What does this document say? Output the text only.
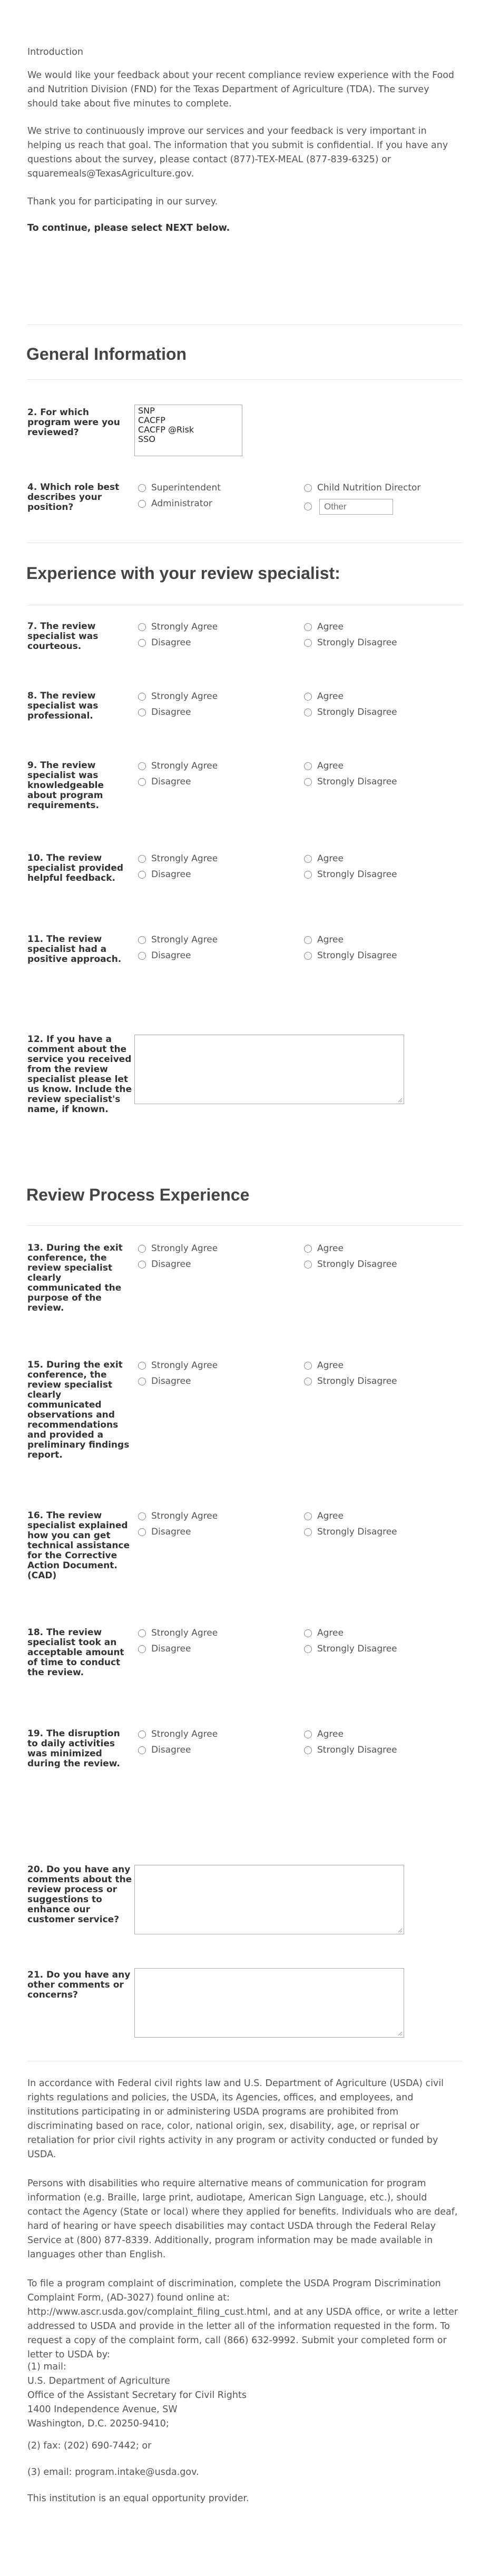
Introduction

We would like your feedback about your recent compliance review experience with the Food and Nutrition Division (FND) for the Texas Department of Agriculture (TDA). The survey should take about five minutes to complete.

We strive to continuously improve our services and your feedback is very important in helping us reach that goal. The information that you submit is confidential. If you have any questions about the survey, please contact (877)-TEX-MEAL (877-839-6325) or squaremeals@TexasAgriculture.gov.

Thank you for participating in our survey.

To continue, please select NEXT below.

General Information

2. For which program were you reviewed?

SNP
CACFP
CACFP @Risk
SSO

4. Which role best describes your position?

Superintendent	Child Nutrition Director
Administrator
Other
Experience with your review specialist:

7. The review specialist was courteous.

Strongly Agree	Agree
Disagree	Strongly Disagree

8. The review specialist was professional.

Strongly Agree	Agree
Disagree	Strongly Disagree

9. The review specialist was knowledgeable about program requirements.

Strongly Agree	Agree
Disagree	Strongly Disagree

10. The review specialist provided helpful feedback.

Strongly Agree	Agree
Disagree	Strongly Disagree

11. The review specialist had a positive approach.

Strongly Agree	Agree
Disagree	Strongly Disagree

13. During the exit conference, the review specialist clearly communicated the purpose of the review.

Strongly Agree	Agree
Disagree	Strongly Disagree

15. During the exit conference, the review specialist clearly communicated observations and recommendations and provided a preliminary findings report.

Strongly Agree	Agree
Disagree	Strongly Disagree

16. The review specialist explained how you can get technical assistance for the Corrective Action Document. (CAD)

Strongly Agree	Agree
Disagree	Strongly Disagree

18. The review specialist took an acceptable amount of time to conduct the review.

Strongly Agree	Agree
Disagree	Strongly Disagree

19. The disruption to daily activities was minimized during the review.

Strongly Agree	Agree
Disagree	Strongly Disagree

12. If you have a comment about the service you received from the review specialist please let us know. Include the review specialist's name, if known.

Review Process Experience

20. Do you have any comments about the review process or suggestions to enhance our customer service?

21. Do you have any other comments or concerns?

In accordance with Federal civil rights law and U.S. Department of Agriculture (USDA) civil rights regulations and policies, the USDA, its Agencies, offices, and employees, and institutions participating in or administering USDA programs are prohibited from discriminating based on race, color, national origin, sex, disability, age, or reprisal or retaliation for prior civil rights activity in any program or activity conducted or funded by USDA.

Persons with disabilities who require alternative means of communication for program information (e.g. Braille, large print, audiotape, American Sign Language, etc.), should contact the Agency (State or local) where they applied for benefits. Individuals who are deaf, hard of hearing or have speech disabilities may contact USDA through the Federal Relay Service at (800) 877-8339. Additionally, program information may be made available in languages other than English.

To file a program complaint of discrimination, complete the USDA Program Discrimination Complaint Form, (AD-3027) found online at: http://www.ascr.usda.gov/complaint_filing_cust.html, and at any USDA office, or write a letter addressed to USDA and provide in the letter all of the information requested in the form. To request a copy of the complaint form, call (866) 632-9992. Submit your completed form or letter to USDA by:

(1) mail:

U.S. Department of Agriculture

Office of the Assistant Secretary for Civil Rights

1400 Independence Avenue, SW

Washington, D.C. 20250-9410;

(2) fax: (202) 690-7442; or

(3) email: program.intake@usda.gov.

This institution is an equal opportunity provider.
